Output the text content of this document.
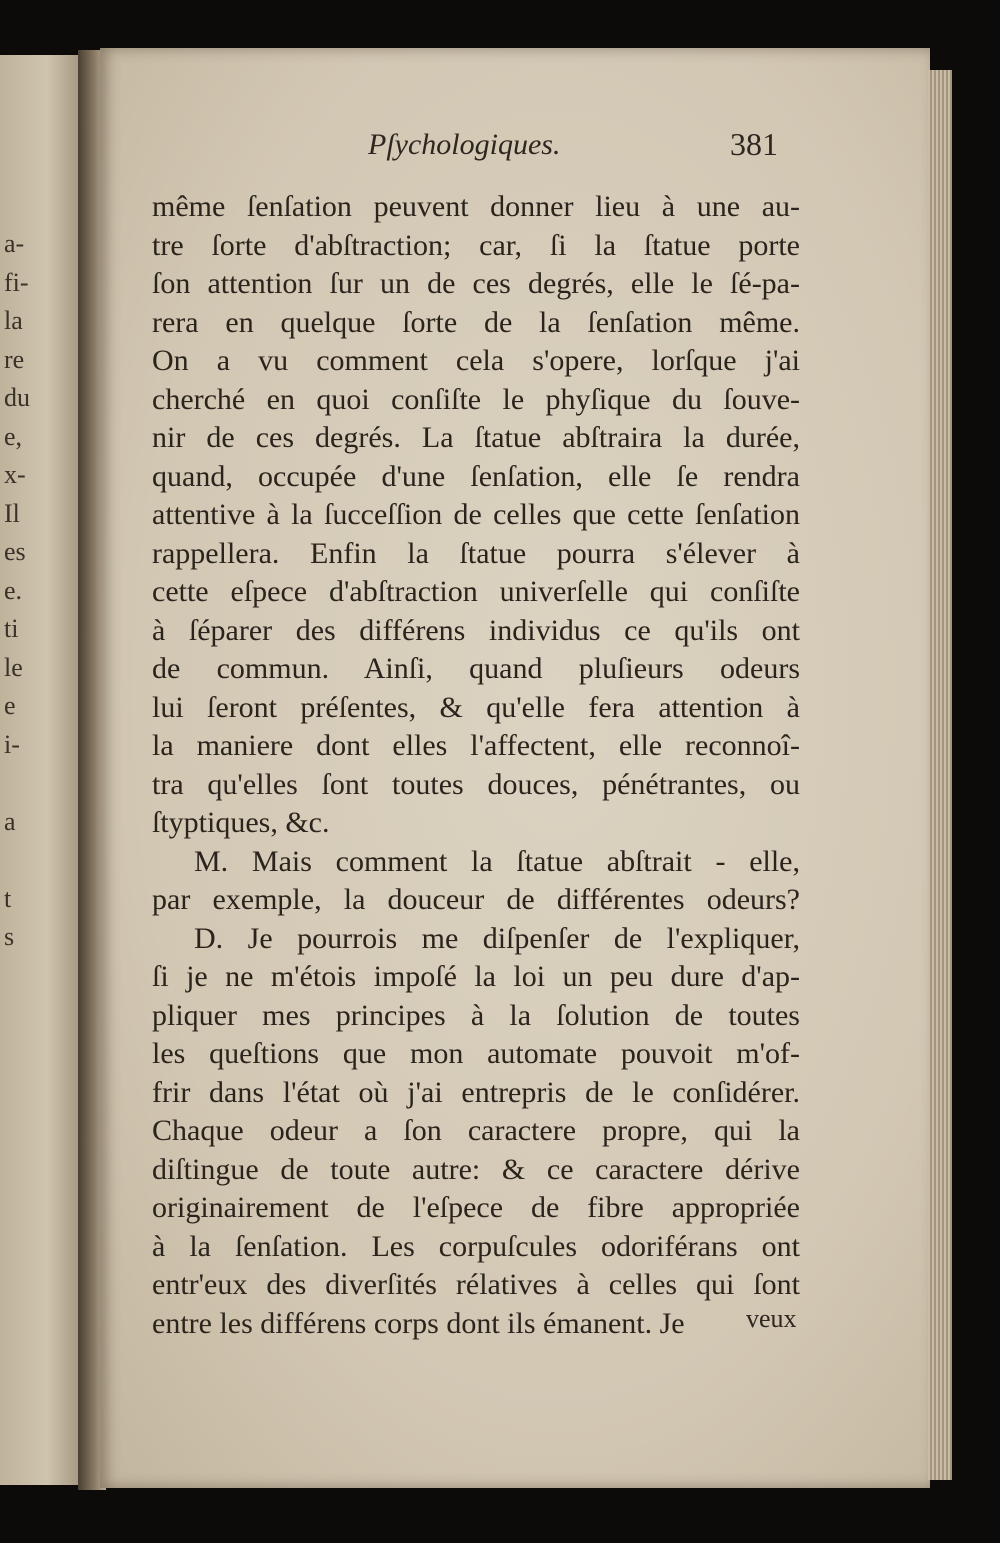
a-
fi-
la
re
du
e,
x-
Il
es
e.
ti
le
e
i-
a
t
s
Pſychologiques.	381
même ſenſation peuvent donner lieu à une au-
tre ſorte d'abſtraction; car, ſi la ſtatue porte
ſon attention ſur un de ces degrés, elle le ſé-pa-
rera en quelque ſorte de la ſenſation même.
On a vu comment cela s'opere, lorſque j'ai
cherché en quoi conſiſte le phyſique du ſouve-
nir de ces degrés. La ſtatue abſtraira la durée,
quand, occupée d'une ſenſation, elle ſe rendra
attentive à la ſucceſſion de celles que cette ſenſation
rappellera. Enfin la ſtatue pourra s'élever à
cette eſpece d'abſtraction univerſelle qui conſiſte
à ſéparer des différens individus ce qu'ils ont
de commun. Ainſi, quand pluſieurs odeurs
lui ſeront préſentes, & qu'elle fera attention à
la maniere dont elles l'affectent, elle reconnoî-
tra qu'elles ſont toutes douces, pénétrantes, ou
ſtyptiques, &c.
M. Mais comment la ſtatue abſtrait - elle,
par exemple, la douceur de différentes odeurs?
D. Je pourrois me diſpenſer de l'expliquer,
ſi je ne m'étois impoſé la loi un peu dure d'ap-
pliquer mes principes à la ſolution de toutes
les queſtions que mon automate pouvoit m'of-
frir dans l'état où j'ai entrepris de le conſidérer.
Chaque odeur a ſon caractere propre, qui la
diſtingue de toute autre: & ce caractere dérive
originairement de l'eſpece de fibre appropriée
à la ſenſation. Les corpuſcules odoriférans ont
entr'eux des diverſités rélatives à celles qui ſont
entre les différens corps dont ils émanent. Je	veux
